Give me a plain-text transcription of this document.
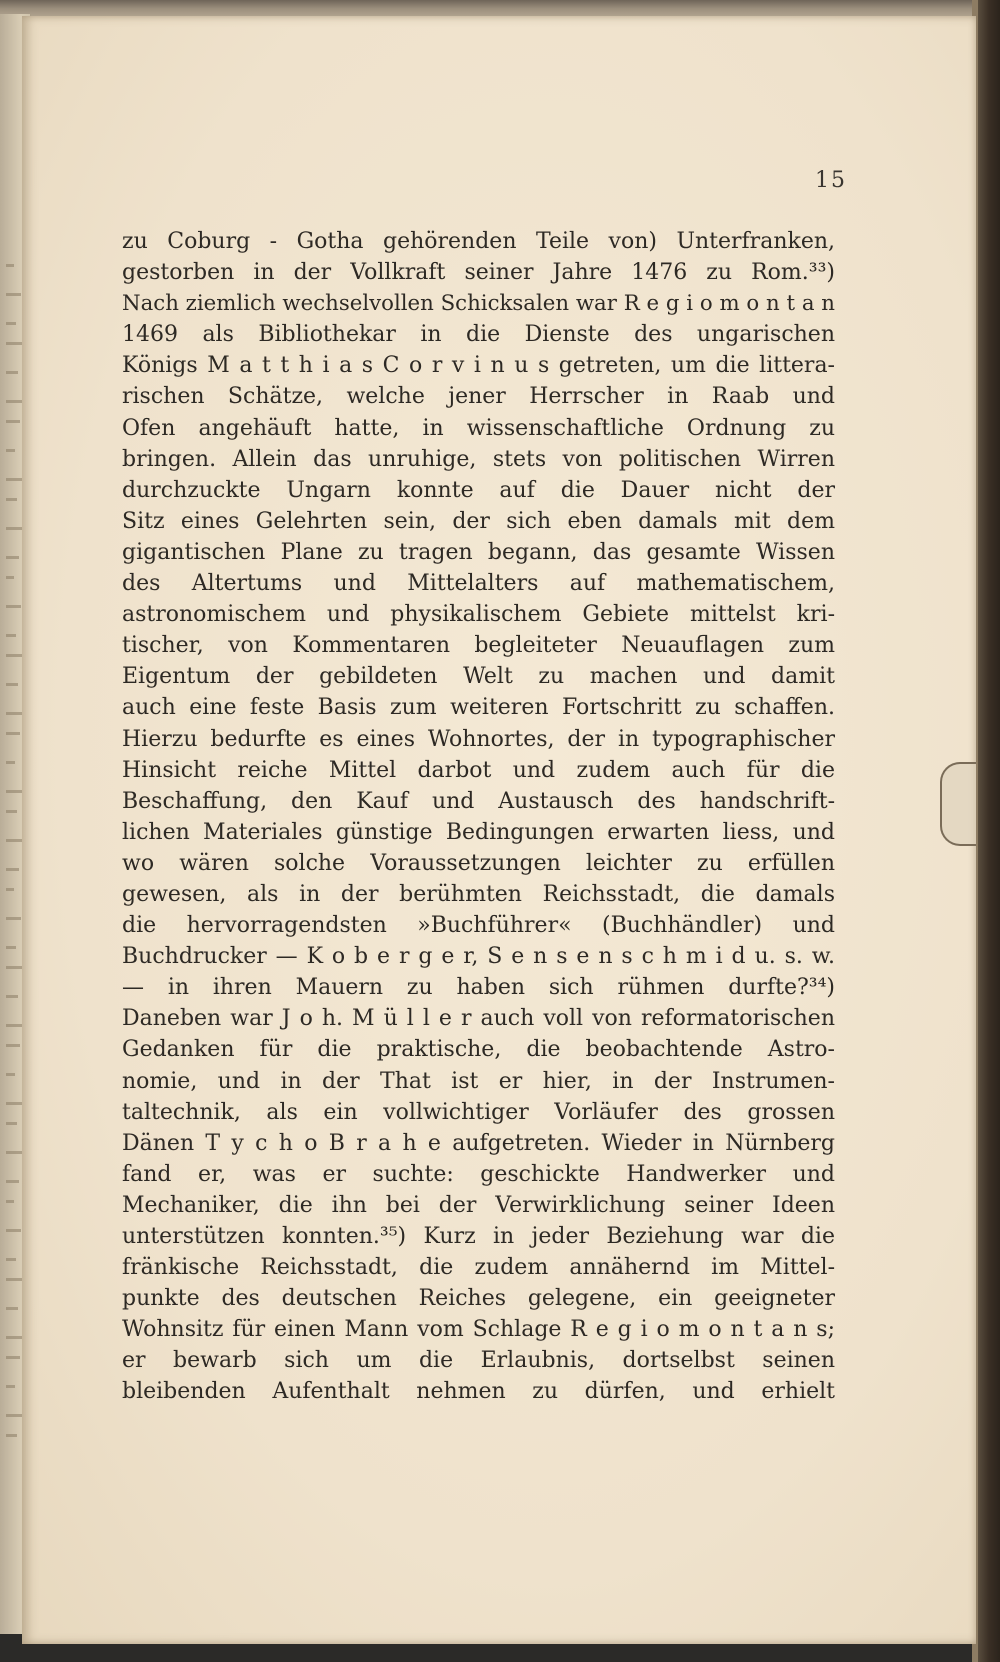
15
zu Coburg - Gotha gehörenden Teile von) Unterfranken,
gestorben in der Vollkraft seiner Jahre 1476 zu Rom.³³)
Nach ziemlich wechselvollen Schicksalen war R e g i o m o n t a n
1469 als Bibliothekar in die Dienste des ungarischen
Königs M a t t h i a s C o r v i n u s getreten, um die littera-
rischen Schätze, welche jener Herrscher in Raab und
Ofen angehäuft hatte, in wissenschaftliche Ordnung zu
bringen. Allein das unruhige, stets von politischen Wirren
durchzuckte Ungarn konnte auf die Dauer nicht der
Sitz eines Gelehrten sein, der sich eben damals mit dem
gigantischen Plane zu tragen begann, das gesamte Wissen
des Altertums und Mittelalters auf mathematischem,
astronomischem und physikalischem Gebiete mittelst kri-
tischer, von Kommentaren begleiteter Neuauflagen zum
Eigentum der gebildeten Welt zu machen und damit
auch eine feste Basis zum weiteren Fortschritt zu schaffen.
Hierzu bedurfte es eines Wohnortes, der in typographischer
Hinsicht reiche Mittel darbot und zudem auch für die
Beschaffung, den Kauf und Austausch des handschrift-
lichen Materiales günstige Bedingungen erwarten liess, und
wo wären solche Voraussetzungen leichter zu erfüllen
gewesen, als in der berühmten Reichsstadt, die damals
die hervorragendsten »Buchführer« (Buchhändler) und
Buchdrucker — K o b e r g e r, S e n s e n s c h m i d u. s. w.
— in ihren Mauern zu haben sich rühmen durfte?³⁴)
Daneben war J o h. M ü l l e r auch voll von reformatorischen
Gedanken für die praktische, die beobachtende Astro-
nomie, und in der That ist er hier, in der Instrumen-
taltechnik, als ein vollwichtiger Vorläufer des grossen
Dänen T y c h o B r a h e aufgetreten. Wieder in Nürnberg
fand er, was er suchte: geschickte Handwerker und
Mechaniker, die ihn bei der Verwirklichung seiner Ideen
unterstützen konnten.³⁵) Kurz in jeder Beziehung war die
fränkische Reichsstadt, die zudem annähernd im Mittel-
punkte des deutschen Reiches gelegene, ein geeigneter
Wohnsitz für einen Mann vom Schlage R e g i o m o n t a n s;
er bewarb sich um die Erlaubnis, dortselbst seinen
bleibenden Aufenthalt nehmen zu dürfen, und erhielt
